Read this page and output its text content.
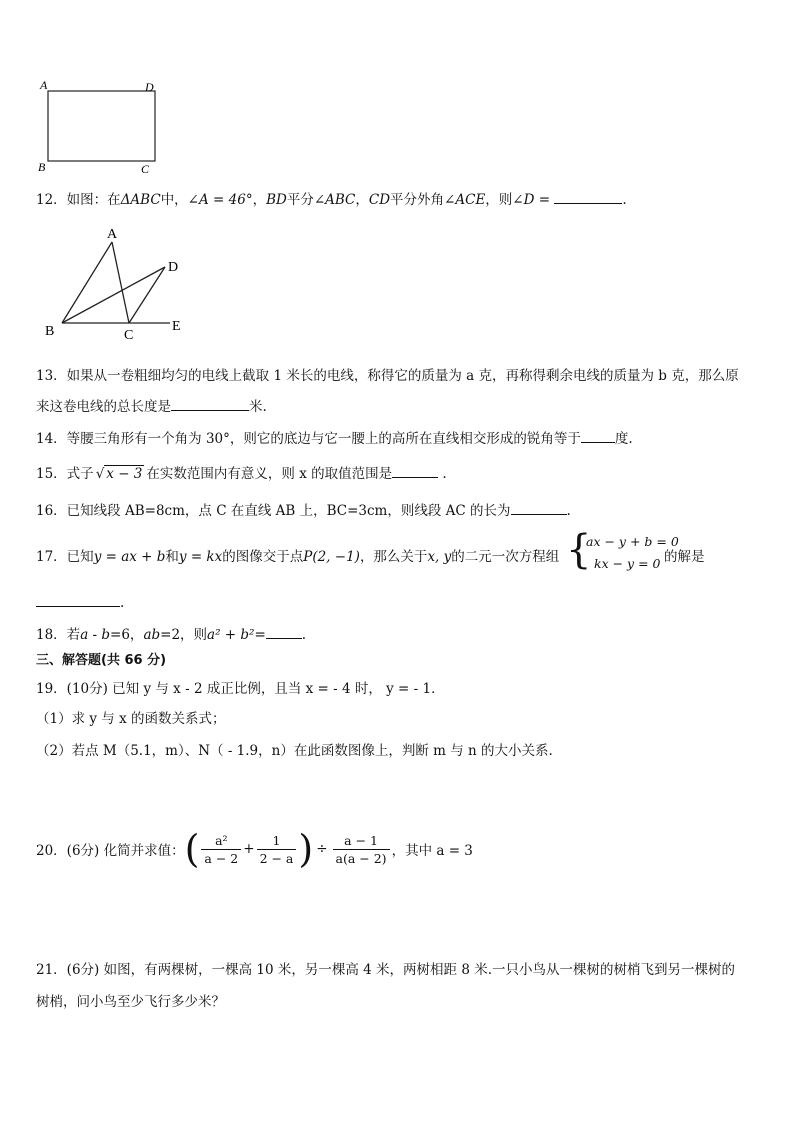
A	D
B	C
12．如图：在ΔABC中，∠A = 46°，BD平分∠ABC，CD平分外角∠ACE，则∠D =	.
A
B	C
D
E
13．如果从一卷粗细均匀的电线上截取 1 米长的电线，称得它的质量为 a 克，再称得剩余电线的质量为 b 克，那么原
来这卷电线的总长度是	米.
14．等腰三角形有一个角为 30°，则它的底边与它一腰上的高所在直线相交形成的锐角等于	度.
15．式子 √ x − 3 在实数范围内有意义，则 x 的取值范围是	.
16．已知线段 AB=8cm，点 C 在直线 AB 上，BC=3cm，则线段 AC 的长为	.
17．已知y = ax + b和y = kx的图像交于点P(2, −1)，那么关于x, y的二元一次方程组 {
ax − y + b = 0
kx − y = 0 的解是
.
18．若a - b=6，ab=2，则a² + b²=	.
三、解答题(共 66 分)
19．(10分) 已知 y 与 x - 2 成正比例，且当 x = - 4 时， y = - 1．
（1）求 y 与 x 的函数关系式；
（2）若点 M（5.1，m）、N（ - 1.9，n）在此函数图像上，判断 m 与 n 的大小关系.
20．(6分) 化简并求值： ( $\frac{\text{a²}}{a - 2} + \frac{1}{2 - a}$ ) ÷ $\frac{a - 1}{a(a - 2)}$ ，其中 a = 3
21．(6分) 如图，有两棵树，一棵高 10 米，另一棵高 4 米，两树相距 8 米.一只小鸟从一棵树的树梢飞到另一棵树的
树梢，问小鸟至少飞行多少米？
